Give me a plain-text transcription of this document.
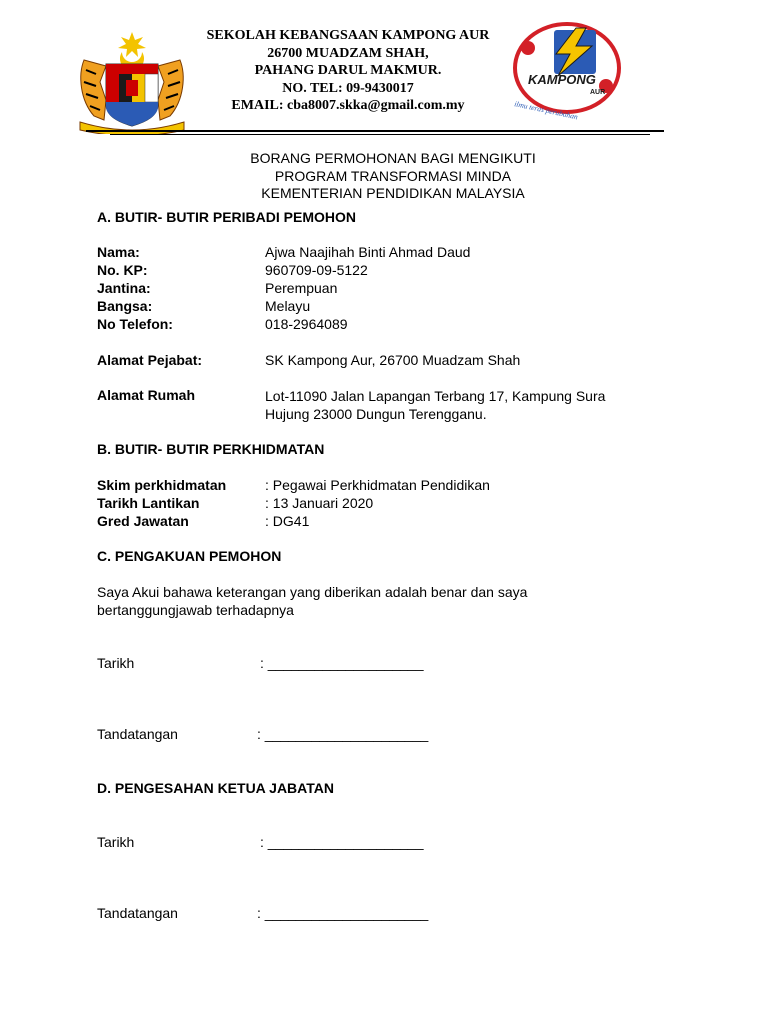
SEKOLAH KEBANGSAAN KAMPONG AUR
26700 MUADZAM SHAH,
PAHANG DARUL MAKMUR.
NO. TEL: 09-9430017
EMAIL: cba8007.skka@gmail.com.my
KAMPONG
AUR
ilmu teras perubahan
BORANG PERMOHONAN BAGI MENGIKUTI
PROGRAM TRANSFORMASI MINDA
KEMENTERIAN PENDIDIKAN MALAYSIA
A. BUTIR- BUTIR PERIBADI PEMOHON
Nama:	Ajwa Naajihah Binti Ahmad Daud
No. KP:	960709-09-5122
Jantina:	Perempuan
Bangsa:	Melayu
No Telefon:	018-2964089
Alamat Pejabat:	SK Kampong Aur, 26700 Muadzam Shah
Alamat Rumah	Lot-11090 Jalan Lapangan Terbang 17, Kampung Sura Hujung 23000 Dungun Terengganu.
B. BUTIR- BUTIR PERKHIDMATAN
Skim perkhidmatan	: Pegawai Perkhidmatan Pendidikan
Tarikh Lantikan	: 13 Januari 2020
Gred Jawatan	: DG41
C. PENGAKUAN PEMOHON
Saya Akui bahawa keterangan yang diberikan adalah benar dan saya bertanggungjawab terhadapnya
Tarikh	: ____________________
Tandatangan	: _____________________
D. PENGESAHAN KETUA JABATAN
Tarikh	: ____________________
Tandatangan	: _____________________
